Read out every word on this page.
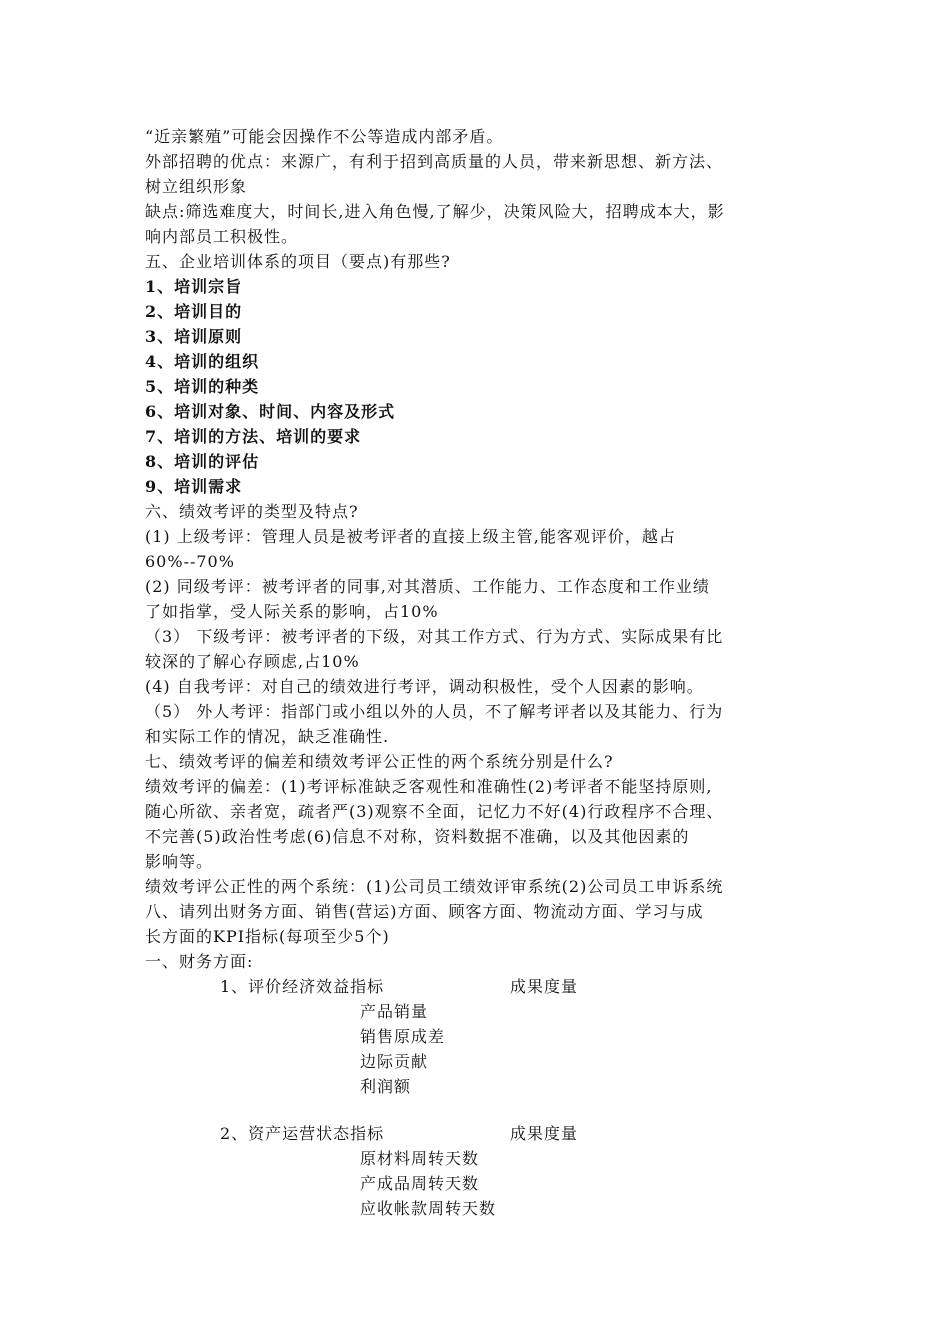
“近亲繁殖”可能会因操作不公等造成内部矛盾。
外部招聘的优点：来源广，有利于招到高质量的人员，带来新思想、新方法、
树立组织形象
缺点:筛选难度大，时间长,进入角色慢,了解少，决策风险大，招聘成本大，影
响内部员工积极性。
五、企业培训体系的项目（要点)有那些?
1、培训宗旨
2、培训目的
3、培训原则
4、培训的组织
5、培训的种类
6、培训对象、时间、内容及形式
7、培训的方法、培训的要求
8、培训的评估
9、培训需求
六、绩效考评的类型及特点?
(1) 上级考评：管理人员是被考评者的直接上级主管,能客观评价，越占
60%--70%
(2) 同级考评：被考评者的同事,对其潜质、工作能力、工作态度和工作业绩
了如指掌，受人际关系的影响，占10%
（3） 下级考评：被考评者的下级，对其工作方式、行为方式、实际成果有比
较深的了解心存顾虑,占10%
(4) 自我考评：对自己的绩效进行考评，调动积极性，受个人因素的影响。
（5） 外人考评：指部门或小组以外的人员，不了解考评者以及其能力、行为
和实际工作的情况，缺乏准确性.
七、绩效考评的偏差和绩效考评公正性的两个系统分别是什么?
绩效考评的偏差：(1)考评标准缺乏客观性和准确性(2)考评者不能坚持原则,
随心所欲、亲者宽，疏者严(3)观察不全面，记忆力不好(4)行政程序不合理、
不完善(5)政治性考虑(6)信息不对称，资料数据不准确，以及其他因素的
影响等。
绩效考评公正性的两个系统：(1)公司员工绩效评审系统(2)公司员工申诉系统
八、请列出财务方面、销售(营运)方面、顾客方面、物流动方面、学习与成
长方面的KPI指标(每项至少5个)
一、财务方面:
1、评价经济效益指标	成果度量
产品销量
销售原成差
边际贡献
利润额
2、资产运营状态指标	成果度量
原材料周转天数
产成品周转天数
应收帐款周转天数
